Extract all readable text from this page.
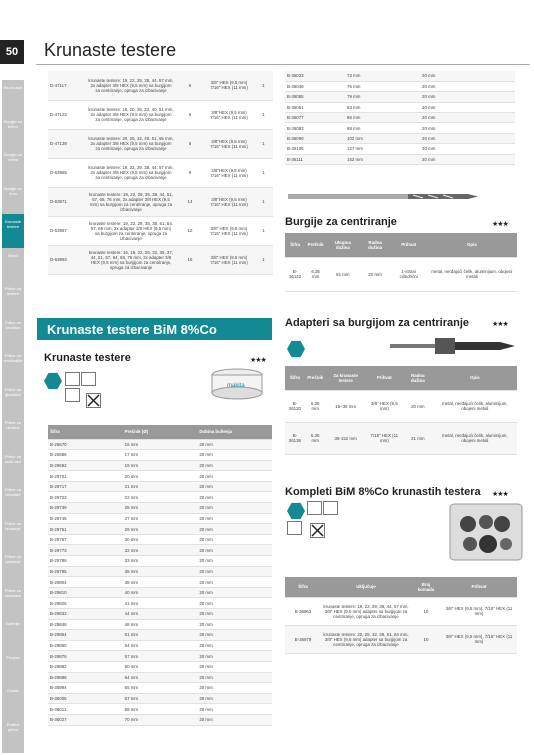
50
Rezni alati
Burgije za beton
Burgije za metal
Burgije za drvo
Krunaste testere
Bitovi
Pribor za testere
Pribor za brusilice
Pribor za rendisaljke
Pribor za glodalice
Pribor za ubodne
Pribor za multi-tool
Pribor za cirkulare
Pribor za brusenje
Pribor za poliranje
Pribor za usisivace
Baterije
Punjaci
Ostalo
Prateci pribor
Krunaste testere
D-47117	krunaste testere: 19, 22, 29, 38, 44, 57 mm, 2x adapter 3/8 HEX (9,5 mm) sa burgijom za centriranje, opruga za izbacivanje	6	3/8" HEX (9,5 mm) 7/16" HEX (11 mm)	1
D-47123	krunaste testere: 16, 20, 25, 32, 40, 51 mm, 2x adapter 3/8 HEX (9,5 mm) sa burgijom za centriranje, opruga za izbacivanje	6	3/8"HEX (9,5 mm) 7/16" HEX (11 mm)	1
D-47139	krunaste testere: 20, 25, 32, 40, 51, 65 mm, 2x adapter 3/8 HEX (9,5 mm) sa burgijom za centriranje, opruga za izbacivanje	6	3/8"HEX (9,5 mm) 7/16" HEX (11 mm)	1
D-63965	krunaste testere: 19, 22, 29, 38, 44, 57 mm, 2x adapter 3/8 HEX (9,5 mm) sa burgijom za centriranje, opruga za izbacivanje	9	3/8"HEX (9,5 mm) 7/16" HEX (11 mm)	1
D-63971	krunaste testere: 19, 22, 29, 35, 38, 44, 51, 57, 68, 76 mm, 2x adapter 3/8 HEX (9,5 mm) sa burgijom za centriranje, opruga za izbacivanje	14	3/8"HEX (9,5 mm) 7/16" HEX (11 mm)	1
D-63987	krunaste testere: 19, 22, 29, 35, 38, 51, 54, 57, 65 mm, 2x adapter 3/8 HEX (9,5 mm) sa burgijom za centriranje, opruga za izbacivanje	12	3/8" HEX (9,5 mm) 7/16" HEX (11 mm)	1
D-63993	krunaste testere: 16, 19, 22, 25, 32, 35, 37, 44, 51, 57, 64, 68, 76 mm, 2x adapter 3/8 HEX (9,5 mm) sa burgijom za centriranje, opruga za izbacivanje	16	3/8" HEX (9,5 mm) 7/16" HEX (11 mm)	1
B-36033	73 mm	20 mm
B-36049	76 mm	20 mm
B-36055	79 mm	20 mm
B-36061	83 mm	20 mm
B-36077	86 mm	20 mm
B-36083	89 mm	20 mm
B-36099	102 mm	20 mm
B-36105	127 mm	20 mm
B-36111	152 mm	20 mm
Krunaste testere BiM 8%Co
Krunaste testere	★★★
makita
Šifra	Prečnik (Ø)	Dubina bušenja
B-25670	16 mm	20 mm
B-25686	17 mm	20 mm
B-29692	19 mm	20 mm
B-29701	20 mm	20 mm
B-29717	21 mm	20 mm
B-29723	22 mm	20 mm
B-29739	25 mm	20 mm
B-29745	27 mm	20 mm
B-29751	29 mm	20 mm
B-29767	30 mm	20 mm
B-29773	32 mm	20 mm
B-25789	33 mm	20 mm
B-29795	35 mm	20 mm
B-29804	38 mm	20 mm
B-29810	40 mm	20 mm
B-29826	41 mm	20 mm
B-29832	44 mm	20 mm
B-29848	48 mm	20 mm
B-29854	51 mm	20 mm
B-29860	54 mm	20 mm
B-29876	57 mm	20 mm
B-29882	60 mm	20 mm
B-29888	64 mm	20 mm
B-35994	65 mm	20 mm
B-36005	67 mm	20 mm
B-36011	68 mm	20 mm
B-36027	70 mm	20 mm
Burgije za centriranje	★★★
Šifra	Prečnik	Ukupna dužina	Radna dužina	Prihvat	Opis
B-36142	6,35 mm	81 mm	20 mm	1-strani cilindrični	metal, nerđajući čelik, aluminijum, obojeni metali
Adapteri sa burgijom za centriranje	★★★
Šifra	Prečnik	Za krunaste testere	Prihvat	Radna dužina	Opis
B-36120	6,35 mm	16–35 mm	3/8" HEX (9,5 mm)	20 mm	metal, nerđajući čelik, aluminijum, obojeni metali
B-36136	6,35 mm	38-152 mm	7/16" HEX (11 mm)	21 mm	metal, nerđajući čelik, aluminijum, obojeni metali
Kompleti BiM 8%Co krunastih testera ★★★
Šifra	Uključuje	Broj komada	Prihvat
B-36963	krunaste testere: 19, 22, 29, 38, 44, 57 mm, 3/8" HEX (9,5 mm) adapter sa burgijom za centriranje, opruga za izbacivanje	10	3/8" HEX (9,5 mm), 7/16" HEX (11 mm)
B-36979	krunaste testere: 20, 25, 32, 38, 51, 64 mm, 3/8" HEX (9,5 mm) adapter sa burgijom za centriranje, opruga za izbacivanje	10	3/8" HEX (9,5 mm), 7/16" HEX (11 mm)
